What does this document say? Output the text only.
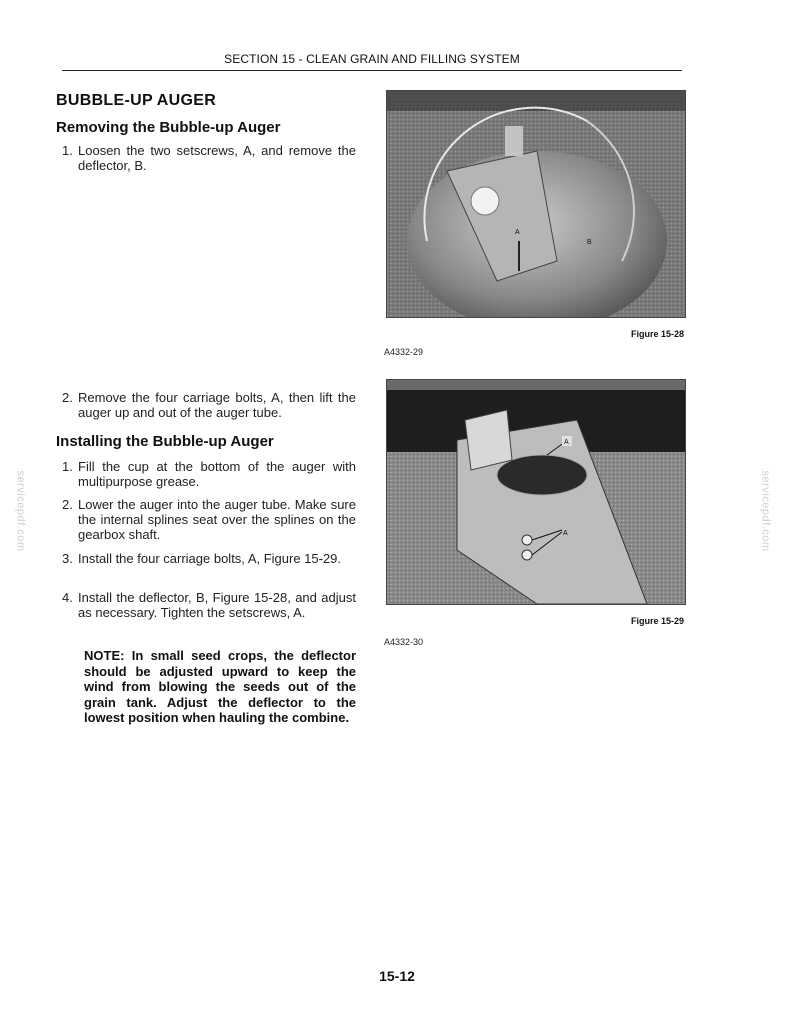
SECTION 15 - CLEAN GRAIN AND FILLING SYSTEM
BUBBLE-UP AUGER
Removing the Bubble-up Auger
1. Loosen the two setscrews, A, and remove the deflector, B.
2. Remove the four carriage bolts, A, then lift the auger up and out of the auger tube.
Installing the Bubble-up Auger
1. Fill the cup at the bottom of the auger with multipurpose grease.
2. Lower the auger into the auger tube. Make sure the internal splines seat over the splines on the gearbox shaft.
3. Install the four carriage bolts, A, Figure 15-29.
4. Install the deflector, B, Figure 15-28, and adjust as necessary. Tighten the setscrews, A.
NOTE: In small seed crops, the deflector should be adjusted upward to keep the wind from blowing the seeds out of the grain tank. Adjust the deflector to the lowest position when hauling the combine.
A
B
Figure 15-28
A4332-29
A
A
Figure 15-29
A4332-30
servicepdf.com	servicepdf.com
15-12
